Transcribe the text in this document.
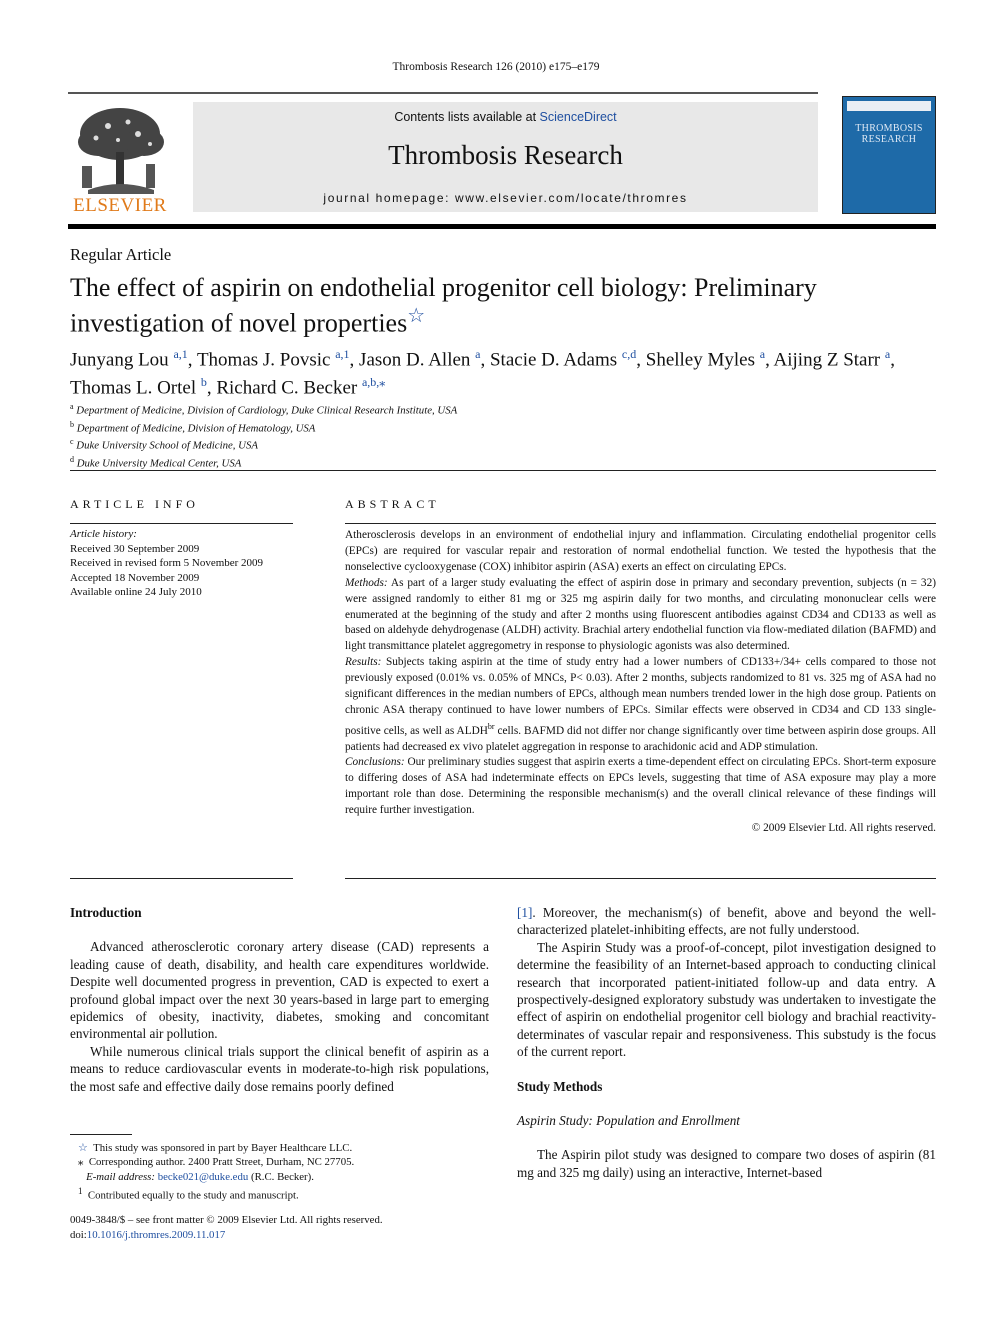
Thrombosis Research 126 (2010) e175–e179
ELSEVIER
Contents lists available at ScienceDirect
Thrombosis Research
journal homepage: www.elsevier.com/locate/thromres
THROMBOSIS
RESEARCH
Regular Article
The effect of aspirin on endothelial progenitor cell biology: Preliminary investigation of novel properties☆
Junyang Lou $^{a,1}$, Thomas J. Povsic $^{a,1}$, Jason D. Allen $^a$, Stacie D. Adams $^{c,d}$, Shelley Myles $^a$, Aijing Z Starr $^a$,
Thomas L. Ortel $^b$, Richard C. Becker $^{a,b,⁎}$
$^a$ Department of Medicine, Division of Cardiology, Duke Clinical Research Institute, USA
$^b$ Department of Medicine, Division of Hematology, USA
$^c$ Duke University School of Medicine, USA
$^d$ Duke University Medical Center, USA
ARTICLE INFO	ABSTRACT
Article history:
Received 30 September 2009
Received in revised form 5 November 2009
Accepted 18 November 2009
Available online 24 July 2010

Atherosclerosis develops in an environment of endothelial injury and inflammation. Circulating endothelial progenitor cells (EPCs) are required for vascular repair and restoration of normal endothelial function. We tested the hypothesis that the nonselective cyclooxygenase (COX) inhibitor aspirin (ASA) exerts an effect on circulating EPCs.

Methods: As part of a larger study evaluating the effect of aspirin dose in primary and secondary prevention, subjects (n = 32) were assigned randomly to either 81 mg or 325 mg aspirin daily for two months, and circulating mononuclear cells were enumerated at the beginning of the study and after 2 months using fluorescent antibodies against CD34 and CD133 as well as based on aldehyde dehydrogenase (ALDH) activity. Brachial artery endothelial function via flow-mediated dilation (BAFMD) and light transmittance platelet aggregometry in response to physiologic agonists was also determined.

Results: Subjects taking aspirin at the time of study entry had a lower numbers of CD133+/34+ cells compared to those not previously exposed (0.01% vs. 0.05% of MNCs, P< 0.03). After 2 months, subjects randomized to 81 vs. 325 mg of ASA had no significant differences in the median numbers of EPCs, although mean numbers trended lower in the high dose group. Patients on chronic ASA therapy continued to have lower numbers of EPCs. Similar effects were observed in CD34 and CD 133 single-positive cells, as well as $ALDH^{br}$ cells. BAFMD did not differ nor change significantly over time between aspirin dose groups. All patients had decreased ex vivo platelet aggregation in response to arachidonic acid and ADP stimulation.

Conclusions: Our preliminary studies suggest that aspirin exerts a time-dependent effect on circulating EPCs. Short-term exposure to differing doses of ASA had indeterminate effects on EPCs levels, suggesting that time of ASA exposure may play a more important role than dose. Determining the responsible mechanism(s) and the overall clinical relevance of these findings will require further investigation.

© 2009 Elsevier Ltd. All rights reserved.

Introduction

Advanced atherosclerotic coronary artery disease (CAD) represents a leading cause of death, disability, and health care expenditures worldwide. Despite well documented progress in prevention, CAD is expected to exert a profound global impact over the next 30 years-based in large part to emerging epidemics of obesity, inactivity, diabetes, smoking and concomitant environmental air pollution.

While numerous clinical trials support the clinical benefit of aspirin as a means to reduce cardiovascular events in moderate-to-high risk populations, the most safe and effective daily dose remains poorly defined

[1]. Moreover, the mechanism(s) of benefit, above and beyond the well-characterized platelet-inhibiting effects, are not fully understood.

The Aspirin Study was a proof-of-concept, pilot investigation designed to determine the feasibility of an Internet-based approach to conducting clinical research that incorporated patient-initiated follow-up and data entry. A prospectively-designed exploratory substudy was undertaken to investigate the effect of aspirin on endothelial progenitor cell biology and brachial reactivity-determinates of vascular repair and responsiveness. This substudy is the focus of the current report.

Study Methods
Aspirin Study: Population and Enrollment

The Aspirin pilot study was designed to compare two doses of aspirin (81 mg and 325 mg daily) using an interactive, Internet-based

☆ This study was sponsored in part by Bayer Healthcare LLC.
⁎ Corresponding author. 2400 Pratt Street, Durham, NC 27705.
E-mail address: becke021@duke.edu (R.C. Becker).
$^1$ Contributed equally to the study and manuscript.
0049-3848/$ – see front matter © 2009 Elsevier Ltd. All rights reserved.
doi:10.1016/j.thromres.2009.11.017
